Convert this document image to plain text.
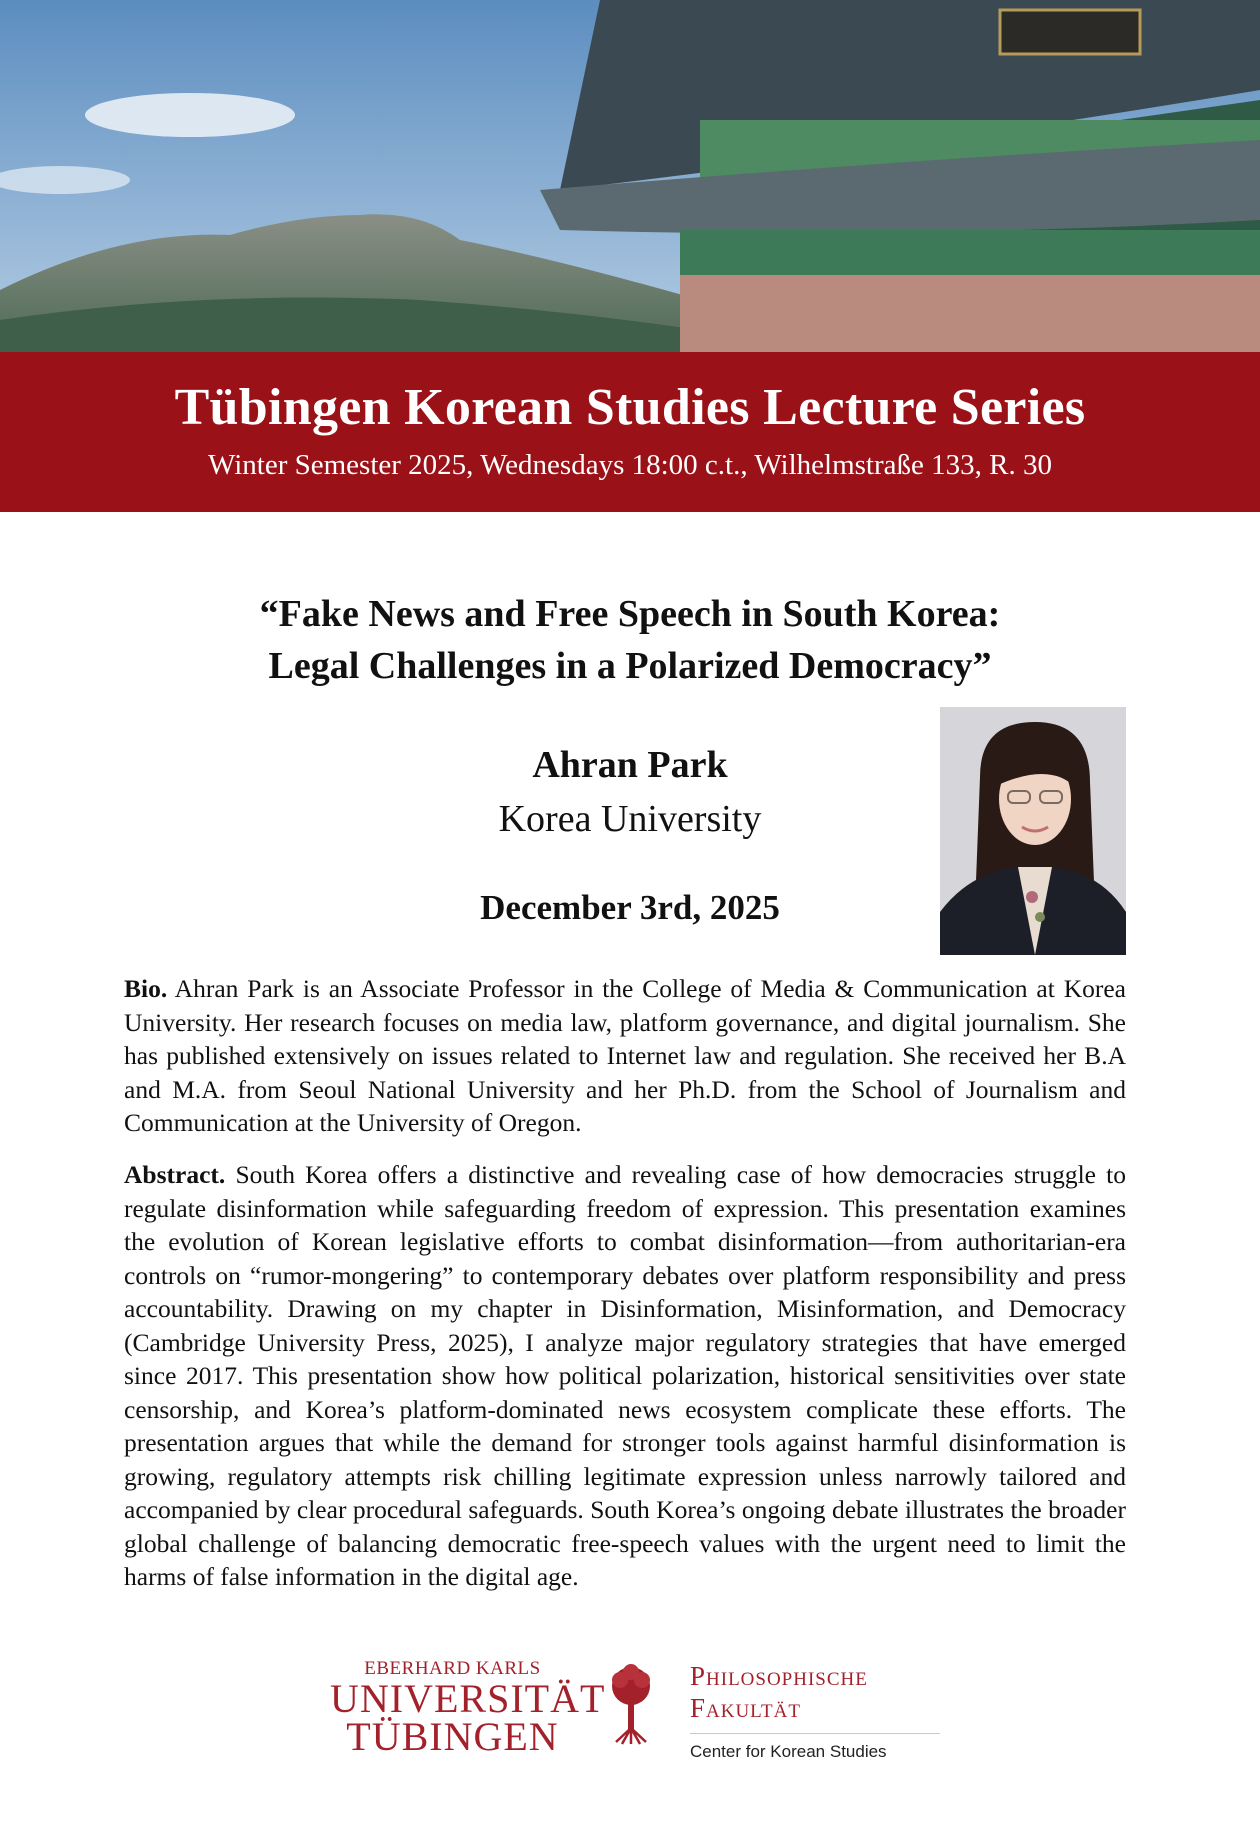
Tübingen Korean Studies Lecture Series
Winter Semester 2025, Wednesdays 18:00 c.t., Wilhelmstraße 133, R. 30
“Fake News and Free Speech in South Korea:
Legal Challenges in a Polarized Democracy”
Ahran Park
Korea University
December 3rd, 2025
Bio. Ahran Park is an Associate Professor in the College of Media & Communication at Korea University. Her research focuses on media law, platform governance, and digital journalism. She has published extensively on issues related to Internet law and regulation. She received her B.A and M.A. from Seoul National University and her Ph.D. from the School of Journalism and Communication at the University of Oregon.
Abstract. South Korea offers a distinctive and revealing case of how democracies struggle to regulate disinformation while safeguarding freedom of expression. This presentation examines the evolution of Korean legislative efforts to combat disinformation—from authoritarian-era controls on “rumor-mongering” to contemporary debates over platform responsibility and press accountability. Drawing on my chapter in Disinformation, Misinformation, and Democracy (Cambridge University Press, 2025), I analyze major regulatory strategies that have emerged since 2017. This presentation show how political polarization, historical sensitivities over state censorship, and Korea’s platform-dominated news ecosystem complicate these efforts. The presentation argues that while the demand for stronger tools against harmful disinformation is growing, regulatory attempts risk chilling legitimate expression unless narrowly tailored and accompanied by clear procedural safeguards. South Korea’s ongoing debate illustrates the broader global challenge of balancing democratic free-speech values with the urgent need to limit the harms of false information in the digital age.
EBERHARD KARLS
UNIVERSITÄT
TÜBINGEN
Philosophische
Fakultät
Center for Korean Studies
